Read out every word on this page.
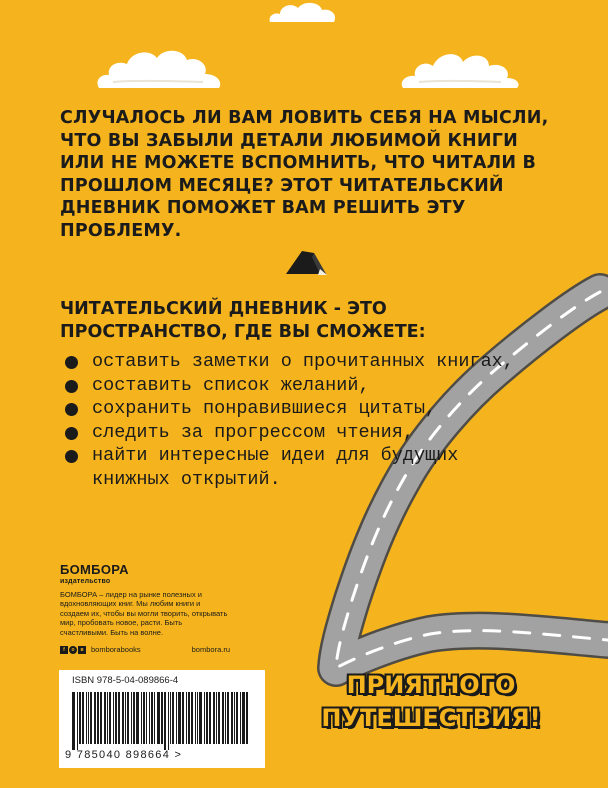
СЛУЧАЛОСЬ ЛИ ВАМ ЛОВИТЬ СЕБЯ НА МЫСЛИ, ЧТО ВЫ ЗАБЫЛИ ДЕТАЛИ ЛЮБИМОЙ КНИГИ ИЛИ НЕ МОЖЕТЕ ВСПОМНИТЬ, ЧТО ЧИТАЛИ В ПРОШЛОМ МЕСЯЦЕ? ЭТОТ ЧИТАТЕЛЬСКИЙ ДНЕВНИК ПОМОЖЕТ ВАМ РЕШИТЬ ЭТУ ПРОБЛЕМУ.

ЧИТАТЕЛЬСКИЙ ДНЕВНИК - ЭТО ПРОСТРАНСТВО, ГДЕ ВЫ СМОЖЕТЕ:

оставить заметки о прочитанных книгах,
составить список желаний,
сохранить понравившиеся цитаты,
следить за прогрессом чтения,
найти интересные идеи для будущих книжных открытий.
БОМБОРА
издательство
БОМБОРА – лидер на рынке полезных и вдохновляющих книг. Мы любим книги и создаем их, чтобы вы могли творить, открывать мир, пробовать новое, расти. Быть счастливыми. Быть на волне.
f	o	в bomborabooks	bombora.ru
ISBN 978-5-04-089866-4
9 785040 898664 >

ПРИЯТНОГО
ПУТЕШЕСТВИЯ!
